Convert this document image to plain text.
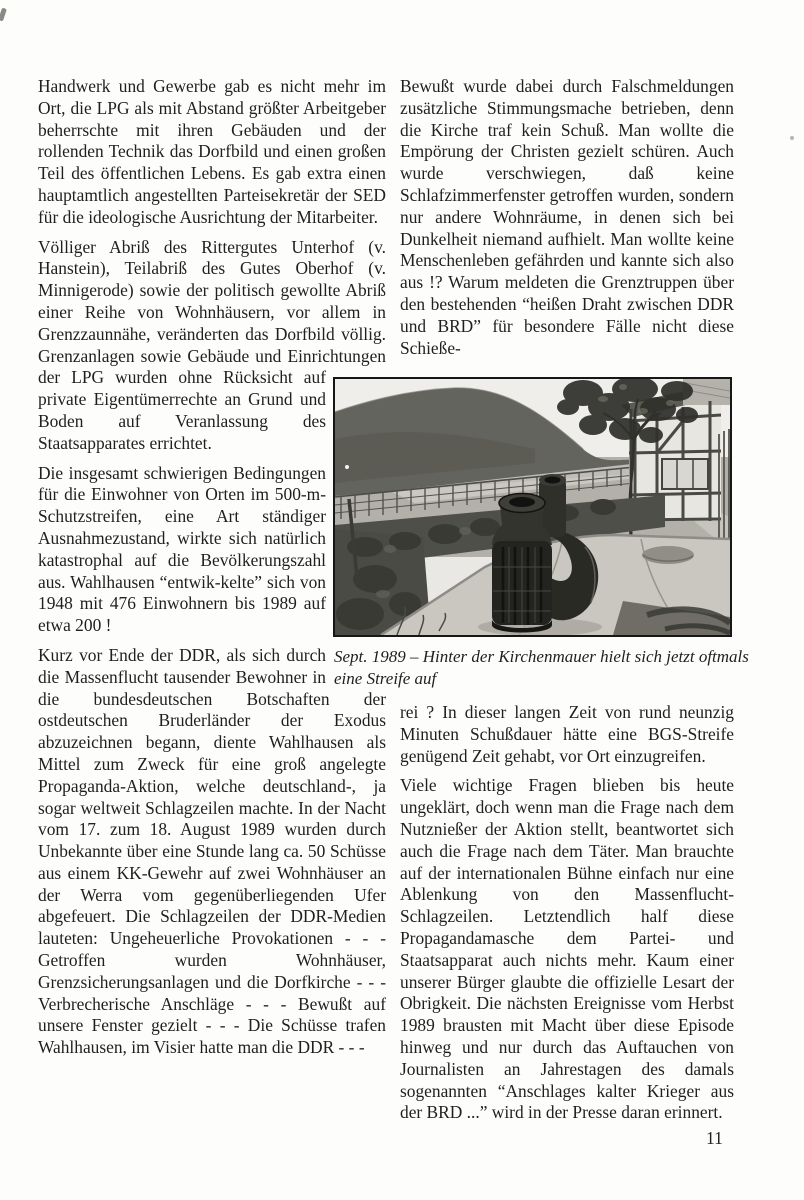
Handwerk und Gewerbe gab es nicht mehr im Ort, die LPG als mit Abstand größter Arbeitgeber beherrschte mit ihren Gebäuden und der rollenden Technik das Dorfbild und einen großen Teil des öffentlichen Lebens. Es gab extra einen hauptamtlich angestellten Parteisekretär der SED für die ideologische Ausrichtung der Mitarbeiter.

Völliger Abriß des Rittergutes Unterhof (v. Hanstein), Teilabriß des Gutes Oberhof (v. Minnigerode) sowie der politisch gewollte Abriß einer Reihe von Wohnhäusern, vor allem in Grenzzaunnähe, veränderten das Dorfbild völlig. Grenzanlagen sowie Gebäude und Einrichtungen der LPG wurden ohne Rücksicht auf private Eigentümerrechte an Grund und Boden auf Veranlassung des Staatsapparates errichtet.

Die insgesamt schwierigen Bedingungen für die Einwohner von Orten im 500-m-Schutzstreifen, eine Art ständiger Ausnahmezustand, wirkte sich natürlich katastrophal auf die Bevölkerungszahl aus. Wahlhausen “entwik-kelte” sich von 1948 mit 476 Einwohnern bis 1989 auf etwa 200 !

Kurz vor Ende der DDR, als sich durch die Massenflucht tausender Bewohner in die bundesdeutschen Botschaften der ostdeutschen Bruderländer der Exodus abzuzeichnen begann, diente Wahlhausen als Mittel zum Zweck für eine groß angelegte Propaganda-Aktion, welche deutschland-, ja sogar weltweit Schlagzeilen machte. In der Nacht vom 17. zum 18. August 1989 wurden durch Unbekannte über eine Stunde lang ca. 50 Schüsse aus einem KK-Gewehr auf zwei Wohnhäuser an der Werra vom gegenüberliegenden Ufer abgefeuert. Die Schlagzeilen der DDR-Medien lauteten: Ungeheuerliche Provokationen - - - Getroffen wurden Wohnhäuser, Grenzsicherungsanlagen und die Dorfkirche - - - Verbrecherische Anschläge - - - Bewußt auf unsere Fenster gezielt - - - Die Schüsse trafen Wahlhausen, im Visier hatte man die DDR - - -

Bewußt wurde dabei durch Falschmeldungen zusätzliche Stimmungsmache betrieben, denn die Kirche traf kein Schuß. Man wollte die Empörung der Christen gezielt schüren. Auch wurde verschwiegen, daß keine Schlafzimmerfenster getroffen wurden, sondern nur andere Wohnräume, in denen sich bei Dunkelheit niemand aufhielt. Man wollte keine Menschenleben gefährden und kannte sich also aus !? Warum meldeten die Grenztruppen über den bestehenden “heißen Draht zwischen DDR und BRD” für besondere Fälle nicht diese Schieße-

Sept. 1989 – Hinter der Kirchenmauer hielt sich jetzt oftmals
eine Streife auf

rei ? In dieser langen Zeit von rund neunzig Minuten Schußdauer hätte eine BGS-Streife genügend Zeit gehabt, vor Ort einzugreifen.

Viele wichtige Fragen blieben bis heute ungeklärt, doch wenn man die Frage nach dem Nutznießer der Aktion stellt, beantwortet sich auch die Frage nach dem Täter. Man brauchte auf der internationalen Bühne einfach nur eine Ablenkung von den Massenflucht-Schlagzeilen. Letztendlich half diese Propagandamasche dem Partei- und Staatsapparat auch nichts mehr. Kaum einer unserer Bürger glaubte die offizielle Lesart der Obrigkeit. Die nächsten Ereignisse vom Herbst 1989 brausten mit Macht über diese Episode hinweg und nur durch das Auftauchen von Journalisten an Jahrestagen des damals sogenannten “Anschlages kalter Krieger aus der BRD ...” wird in der Presse daran erinnert.

11
